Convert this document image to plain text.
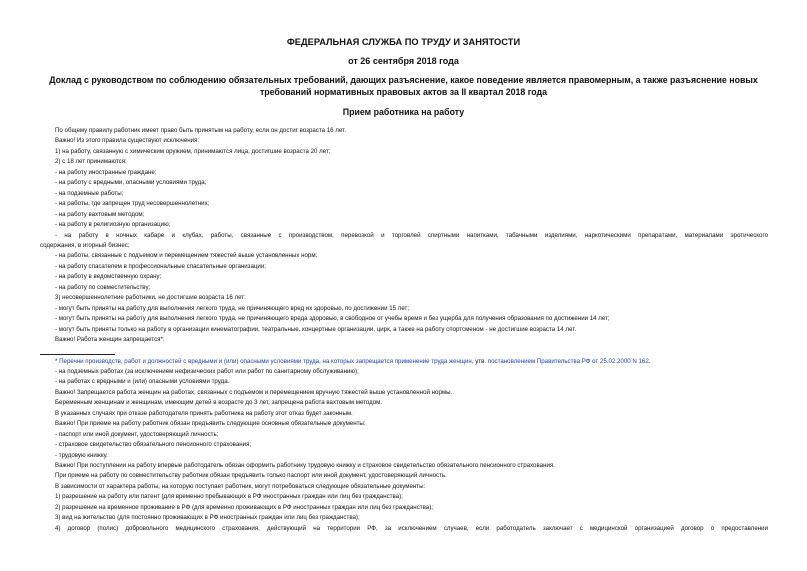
ФЕДЕРАЛЬНАЯ СЛУЖБА ПО ТРУДУ И ЗАНЯТОСТИ
от 26 сентября 2018 года
Доклад с руководством по соблюдению обязательных требований, дающих разъяснение, какое поведение является правомерным, а также разъяснение новых
требований нормативных правовых актов за II квартал 2018 года
Прием работника на работу
По общему правилу работник имеет право быть принятым на работу, если он достиг возраста 16 лет.
Важно! Из этого правила существуют исключения:
1) на работу, связанную с химическим оружием, принимаются лица, достигшие возраста 20 лет;
2) с 18 лет принимаются:
- на работу иностранные граждане;
- на работу с вредными, опасными условиями труда;
- на подземные работы;
- на работы, где запрещен труд несовершеннолетних;
- на работу вахтовым методом;
- на работу в религиозную организацию;
- на работу в ночных кабаре и клубах, работы, связанные с производством, перевозкой и торговлей спиртными напитками, табачными изделиями, наркотическими препаратами, материалами эротического
содержания, в игорный бизнес;
- на работы, связанные с подъемом и перемещением тяжестей выше установленных норм;
- на работу спасателем в профессиональные спасательные организации;
- на работу в ведомственную охрану;
- на работу по совместительству;
3) несовершеннолетние работники, не достигшие возраста 16 лет:
- могут быть приняты на работу для выполнения легкого труда, не причиняющего вред их здоровью, по достижении 15 лет;
- могут быть приняты на работу для выполнения легкого труда, не причиняющего вреда здоровью, в свободное от учебы время и без ущерба для получения образования по достижении 14 лет;
- могут быть приняты только на работу в организации кинематографии, театральные, концертные организации, цирк, а также на работу спортсменом - не достигшие возраста 14 лет.
Важно! Работа женщин запрещается*:
* Перечни производств, работ и должностей с вредными и (или) опасными условиями труда, на которых запрещается применение труда женщин, утв. постановлением Правительства РФ от 25.02.2000 N 162.
- на подземных работах (за исключением нефизических работ или работ по санитарному обслуживанию);
- на работах с вредными и (или) опасными условиями труда.
Важно! Запрещается работа женщин на работах, связанных с подъемом и перемещением вручную тяжестей выше установленной нормы.
Беременным женщинам и женщинам, имеющим детей в возрасте до 3 лет, запрещена работа вахтовым методом.
В указанных случаях при отказе работодателя принять работника на работу этот отказ будет законным.
Важно! При приеме на работу работник обязан предъявить следующие основные обязательные документы:
- паспорт или иной документ, удостоверяющий личность;
- страховое свидетельство обязательного пенсионного страхования;
- трудовую книжку.
Важно! При поступлении на работу впервые работодатель обязан оформить работнику трудовую книжку и страховое свидетельство обязательного пенсионного страхования.
При приеме на работу по совместительству работник обязан предъявить только паспорт или иной документ, удостоверяющий личность.
В зависимости от характера работы, на которую поступает работник, могут потребоваться следующие обязательные документы:
1) разрешение на работу или патент (для временно пребывающих в РФ иностранных граждан или лиц без гражданства);
2) разрешение на временное проживание в РФ (для временно проживающих в РФ иностранных граждан или лиц без гражданства);
3) вид на жительство (для постоянно проживающих в РФ иностранных граждан или лиц без гражданства);
4) договор (полис) добровольного медицинского страхования, действующий на территории РФ, за исключением случаев, если работодатель заключает с медицинской организацией договор о предоставлении
